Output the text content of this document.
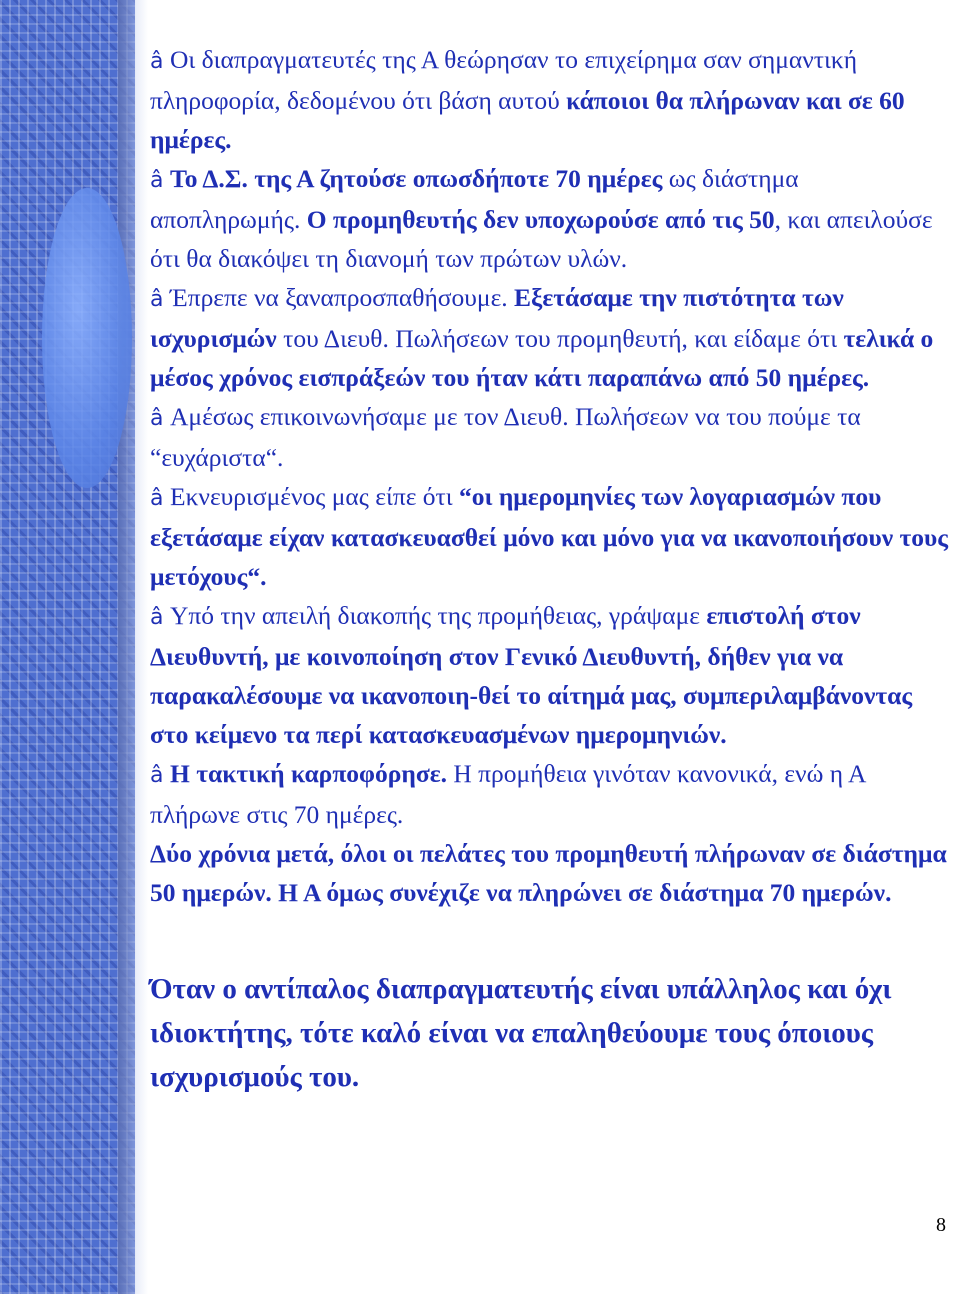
â Οι διαπραγματευτές της Α θεώρησαν το επιχείρημα σαν σημαντική πληροφορία, δεδομένου ότι βάση αυτού κάποιοι θα πλήρωναν και σε 60 ημέρες.

â Το Δ.Σ. της Α ζητούσε οπωσδήποτε 70 ημέρες ως διάστημα αποπληρωμής. Ο προμηθευτής δεν υποχωρούσε από τις 50, και απειλούσε ότι θα διακόψει τη διανομή των πρώτων υλών.

â Έπρεπε να ξαναπροσπαθήσουμε. Εξετάσαμε την πιστότητα των ισχυρισμών του Διευθ. Πωλήσεων του προμηθευτή, και είδαμε ότι τελικά ο μέσος χρόνος εισπράξεών του ήταν κάτι παραπάνω από 50 ημέρες.

â Αμέσως επικοινωνήσαμε με τον Διευθ. Πωλήσεων να του πούμε τα “ευχάριστα“.

â Εκνευρισμένος μας είπε ότι “οι ημερομηνίες των λογαριασμών που εξετάσαμε είχαν κατασκευασθεί μόνο και μόνο για να ικανοποιήσουν τους μετόχους“.

â Υπό την απειλή διακοπής της προμήθειας, γράψαμε επιστολή στον Διευθυντή, με κοινοποίηση στον Γενικό Διευθυντή, δήθεν για να παρακαλέσουμε να ικανοποιη-θεί το αίτημά μας, συμπεριλαμβάνοντας στο κείμενο τα περί κατασκευασμένων ημερομηνιών.

â Η τακτική καρποφόρησε. Η προμήθεια γινόταν κανονικά, ενώ η Α πλήρωνε στις 70 ημέρες.

Δύο χρόνια μετά, όλοι οι πελάτες του προμηθευτή πλήρωναν σε διάστημα 50 ημερών. Η Α όμως συνέχιζε να πληρώνει σε διάστημα 70 ημερών.

Όταν ο αντίπαλος διαπραγματευτής είναι υπάλληλος και όχι ιδιοκτήτης, τότε καλό είναι να επαληθεύουμε τους όποιους ισχυρισμούς του.

8
